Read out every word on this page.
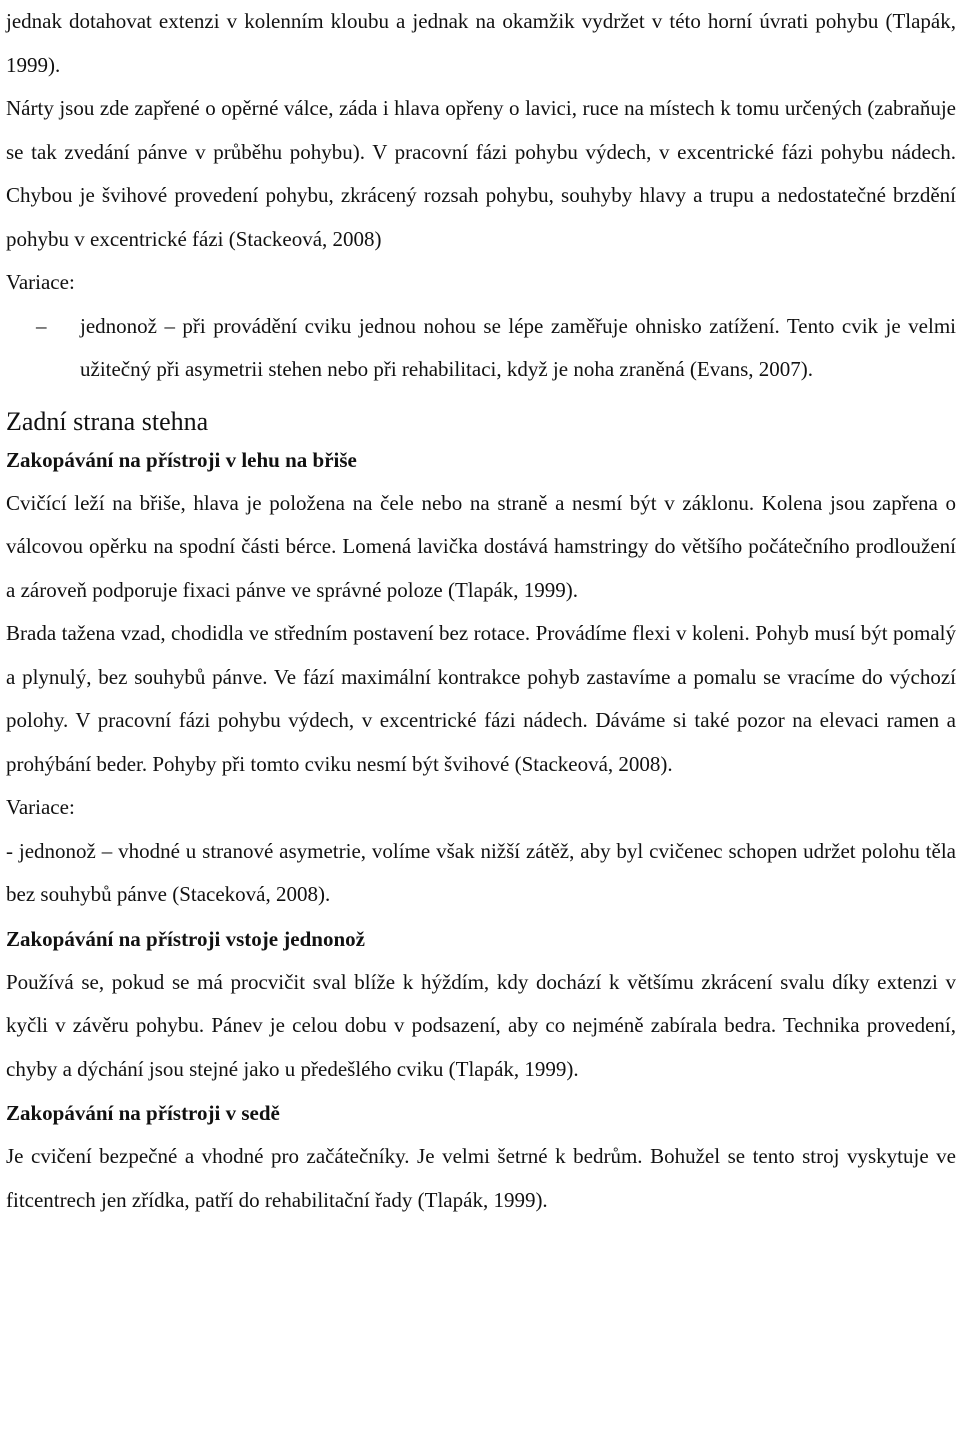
jednak dotahovat extenzi v kolenním kloubu a jednak na okamžik vydržet v této horní úvrati pohybu (Tlapák, 1999).

Nárty jsou zde zapřené o opěrné válce, záda i hlava opřeny o lavici, ruce na místech k tomu určených (zabraňuje se tak zvedání pánve v průběhu pohybu). V pracovní fázi pohybu výdech, v excentrické fázi pohybu nádech. Chybou je švihové provedení pohybu, zkrácený rozsah pohybu, souhyby hlavy a trupu a nedostatečné brzdění pohybu v excentrické fázi (Stackeová, 2008)

Variace:

– jednonož – při provádění cviku jednou nohou se lépe zaměřuje ohnisko zatížení. Tento cvik je velmi užitečný při asymetrii stehen nebo při rehabilitaci, když je noha zraněná (Evans, 2007).

Zadní strana stehna
Zakopávání na přístroji v lehu na břiše

Cvičící leží na břiše, hlava je položena na čele nebo na straně a nesmí být v záklonu. Kolena jsou zapřena o válcovou opěrku na spodní části bérce. Lomená lavička dostává hamstringy do většího počátečního prodloužení a zároveň podporuje fixaci pánve ve správné poloze (Tlapák, 1999).

Brada tažena vzad, chodidla ve středním postavení bez rotace. Provádíme flexi v koleni. Pohyb musí být pomalý a plynulý, bez souhybů pánve. Ve fází maximální kontrakce pohyb zastavíme a pomalu se vracíme do výchozí polohy. V pracovní fázi pohybu výdech, v excentrické fázi nádech. Dáváme si také pozor na elevaci ramen a prohýbání beder. Pohyby při tomto cviku nesmí být švihové (Stackeová, 2008).

Variace:

- jednonož – vhodné u stranové asymetrie, volíme však nižší zátěž, aby byl cvičenec schopen udržet polohu těla bez souhybů pánve (Staceková, 2008).

Zakopávání na přístroji vstoje jednonož

Používá se, pokud se má procvičit sval blíže k hýždím, kdy dochází k většímu zkrácení svalu díky extenzi v kyčli v závěru pohybu. Pánev je celou dobu v podsazení, aby co nejméně zabírala bedra. Technika provedení, chyby a dýchání jsou stejné jako u předešlého cviku (Tlapák, 1999).

Zakopávání na přístroji v sedě

Je cvičení bezpečné a vhodné pro začátečníky. Je velmi šetrné k bedrům. Bohužel se tento stroj vyskytuje ve fitcentrech jen zřídka, patří do rehabilitační řady (Tlapák, 1999).
